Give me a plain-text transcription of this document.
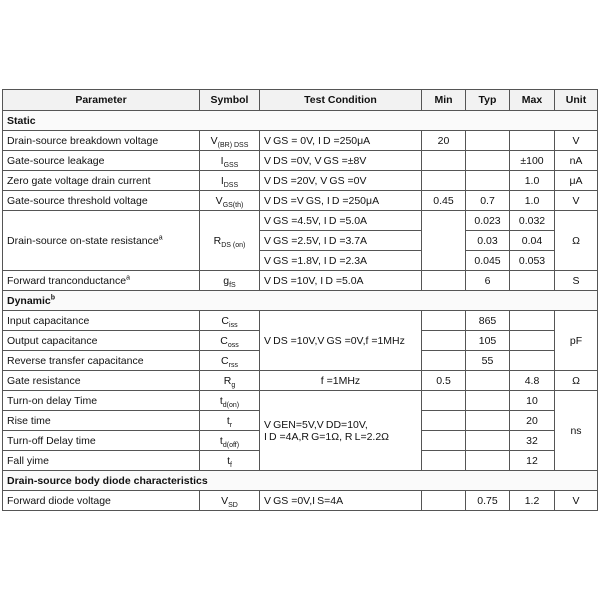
Parameter	Symbol	Test Condition	Min	Typ	Max	Unit
Static						
Drain-source breakdown voltage	$V_{(BR) DSS}$	V GS = 0V, I D =250μA	20			V
Gate-source leakage	$I_{GSS}$	V DS =0V, V GS =±8V			±100	nA
Zero gate voltage drain current	$I_{DSS}$	V DS =20V, V GS =0V			1.0	μA
Gate-source threshold voltage	$V_{GS(th)}$	V DS =V GS, I D =250μA	0.45	0.7	1.0	V
Drain-source on-state resistance$^a$	$R_{DS (on)}$	V GS =4.5V, I D =5.0A		0.023	0.032	Ω
		V GS =2.5V, I D =3.7A		0.03	0.04	
		V GS =1.8V, I D =2.3A		0.045	0.053	
Forward tranconductance$^a$	$g_{fS}$	V DS =10V, I D =5.0A		6		S
Dynamic$^b$
Input capacitance	$C_{iss}$	V DS =10V,V GS =0V,f =1MHz		865		pF
Output capacitance	$C_{oss}$			105		
Reverse transfer capacitance	$C_{rss}$			55		
Gate resistance	$R_g$	f =1MHz	0.5		4.8	Ω
Turn-on delay Time	$t_{d(on)}$	V GEN=5V,V DD=10V,
I D =4A,R G=1Ω, R L=2.2Ω			10	ns
Rise time	$t_r$				20	
Turn-off Delay time	$t_{d(off)}$				32	
Fall yime	$t_f$				12	
Drain-source body diode characteristics						
Forward diode voltage	$V_{SD}$	V GS =0V,I S=4A		0.75	1.2	V
